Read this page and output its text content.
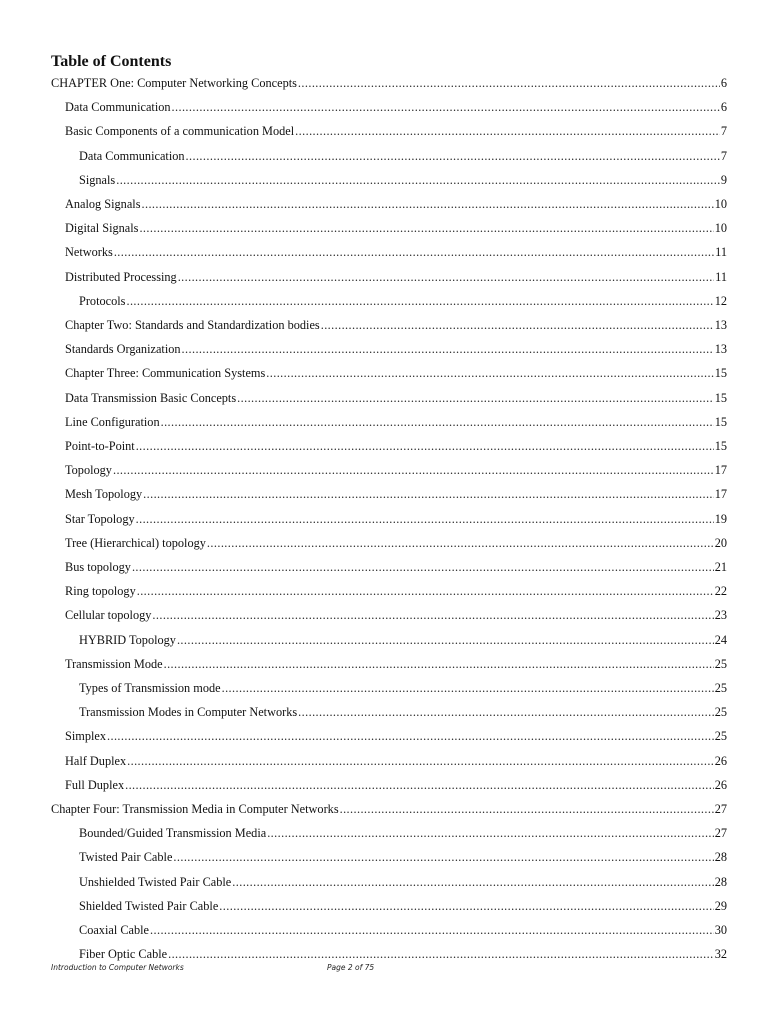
Table of Contents
CHAPTER One: Computer Networking Concepts .....	6
Data Communication .....	6
Basic Components of a communication Model .....	7
Data Communication .....	7
Signals .....	9
Analog Signals .....	10
Digital Signals .....	10
Networks .....	11
Distributed Processing .....	11
Protocols .....	12
Chapter Two: Standards and Standardization bodies .....	13
Standards Organization .....	13
Chapter Three: Communication Systems .....	15
Data Transmission Basic Concepts .....	15
Line Configuration .....	15
Point-to-Point .....	15
Topology .....	17
Mesh Topology .....	17
Star Topology .....	19
Tree (Hierarchical) topology .....	20
Bus topology .....	21
Ring topology .....	22
Cellular topology .....	23
HYBRID Topology .....	24
Transmission Mode .....	25
Types of Transmission mode .....	25
Transmission Modes in Computer Networks .....	25
Simplex .....	25
Half Duplex .....	26
Full Duplex .....	26
Chapter Four: Transmission Media in Computer Networks .....	27
Bounded/Guided Transmission Media .....	27
Twisted Pair Cable .....	28
Unshielded Twisted Pair Cable .....	28
Shielded Twisted Pair Cable .....	29
Coaxial Cable .....	30
Fiber Optic Cable .....	32
Introduction to Computer Networks	Page 2 of 75
